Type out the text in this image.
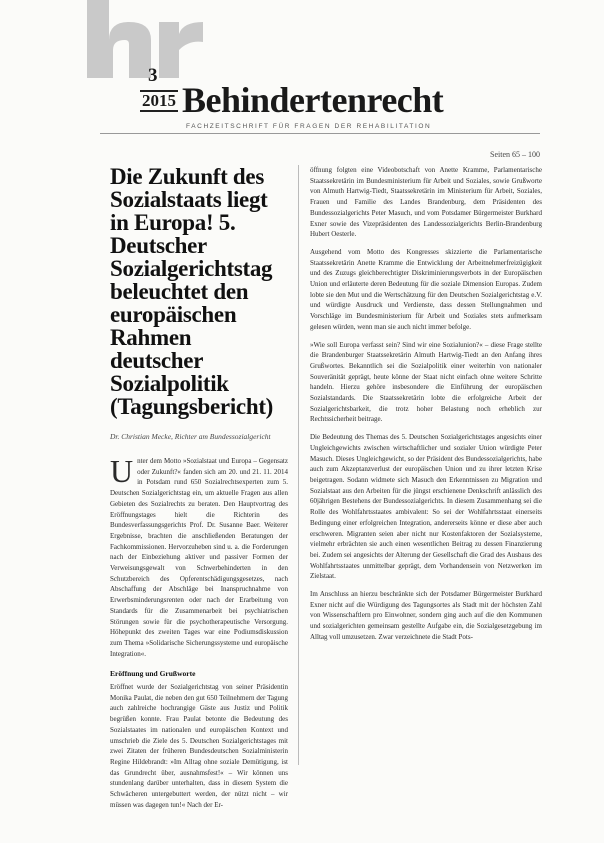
3
2015 Behindertenrecht
FACHZEITSCHRIFT FÜR FRAGEN DER REHABILITATION
Seiten 65 – 100
Die Zukunft des Sozialstaats liegt in Europa! 5. Deutscher Sozialgerichtstag beleuchtet den europäischen Rahmen deutscher Sozialpolitik (Tagungsbericht)
Dr. Christian Mecke, Richter am Bundessozialgericht

Unter dem Motto »Sozialstaat und Europa – Gegensatz oder Zukunft?« fanden sich am 20. und 21. 11. 2014 in Potsdam rund 650 Sozialrechtsexperten zum 5. Deutschen Sozialgerichtstag ein, um aktuelle Fragen aus allen Gebieten des Sozialrechts zu beraten. Den Hauptvortrag des Eröffnungstages hielt die Richterin des Bundesverfassungsgerichts Prof. Dr. Susanne Baer. Weiterer Ergebnisse, brachten die anschließenden Beratungen der Fachkommissionen. Hervorzuheben sind u. a. die Forderungen nach der Einbeziehung aktiver und passiver Formen der Verweisungsgewalt von Schwerbehinderten in den Schutzbereich des Opferentschädigungsgesetzes, nach Abschaffung der Abschläge bei Inanspruchnahme von Erwerbsminderungsrenten oder nach der Erarbeitung von Standards für die Zusammenarbeit bei psychiatrischen Störungen sowie für die psychotherapeutische Versorgung. Höhepunkt des zweiten Tages war eine Podiumsdiskussion zum Thema »Solidarische Sicherungssysteme und europäische Integration«.

Eröffnung und Grußworte

Eröffnet wurde der Sozialgerichtstag von seiner Präsidentin Monika Paulat, die neben den gut 650 Teilnehmern der Tagung auch zahlreiche hochrangige Gäste aus Justiz und Politik begrüßen konnte. Frau Paulat betonte die Bedeutung des Sozialstaates im nationalen und europäischen Kontext und umschrieb die Ziele des 5. Deutschen Sozialgerichtstages mit zwei Zitaten der früheren Bundesdeutschen Sozialministerin Regine Hildebrandt: »Im Alltag ohne soziale Demütigung, ist das Grundrecht über, ausnahmsfest!« – Wir können uns stundenlang darüber unterhalten, dass in diesem System die Schwächeren untergebuttert werden, der nützt nicht – wir müssen was dagegen tun!« Nach der Er-

öffnung folgten eine Videobotschaft von Anette Kramme, Parlamentarische Staatssekretärin im Bundesministerium für Arbeit und Soziales, sowie Grußworte von Almuth Hartwig-Tiedt, Staatssekretärin im Ministerium für Arbeit, Soziales, Frauen und Familie des Landes Brandenburg, dem Präsidenten des Bundessozialgerichts Peter Masuch, und vom Potsdamer Bürgermeister Burkhard Exner sowie des Vizepräsidenten des Landessozialgerichts Berlin-Brandenburg Hubert Oesterle.

Ausgehend vom Motto des Kongresses skizzierte die Parlamentarische Staatssekretärin Anette Kramme die Entwicklung der Arbeitnehmerfreizügigkeit und des Zuzugs gleichberechtigter Diskriminierungsverbots in der Europäischen Union und erläuterte deren Bedeutung für die soziale Dimension Europas. Zudem lobte sie den Mut und die Wertschätzung für den Deutschen Sozialgerichtstag e.V. und würdigte Ausdruck und Verdienste, dass dessen Stellungnahmen und Vorschläge im Bundesministerium für Arbeit und Soziales stets aufmerksam gelesen würden, wenn man sie auch nicht immer befolge.

»Wie soll Europa verfasst sein? Sind wir eine Sozialunion?« – diese Frage stellte die Brandenburger Staatssekretärin Almuth Hartwig-Tiedt an den Anfang ihres Grußwortes. Bekanntlich sei die Sozialpolitik einer weiterhin von nationaler Souveränität geprägt, heute könne der Staat nicht einfach ohne weitere Schritte handeln. Hierzu gehöre insbesondere die Einführung der europäischen Sozialstandards. Die Staatssekretärin lobte die erfolgreiche Arbeit der Sozialgerichtsbarkeit, die trotz hoher Belastung noch erheblich zur Rechtssicherheit beitrage.

Die Bedeutung des Themas des 5. Deutschen Sozialgerichtstages angesichts einer Ungleichgewichts zwischen wirtschaftlicher und sozialer Union würdigte Peter Masuch. Dieses Ungleichgewicht, so der Präsident des Bundessozialgerichts, habe auch zum Akzeptanzverlust der europäischen Union und zu ihrer letzten Krise beigetragen. Sodann widmete sich Masuch den Erkenntnissen zu Migration und Sozialstaat aus den Arbeiten für die jüngst erschienene Denkschrift anlässlich des 60jährigen Bestehens der Bundessozialgerichts. In diesem Zusammenhang sei die Rolle des Wohlfahrtsstaates ambivalent: So sei der Wohlfahrtsstaat einerseits Bedingung einer erfolgreichen Integration, andererseits könne er diese aber auch erschweren. Migranten seien aber nicht nur Kostenfaktoren der Sozialsysteme, vielmehr erbrächten sie auch einen wesentlichen Beitrag zu dessen Finanzierung bei. Zudem sei angesichts der Alterung der Gesellschaft die Grad des Ausbaus des Wohlfahrtsstaates unmittelbar geprägt, dem Vorhandensein von Netzwerken im Zielstaat.

Im Anschluss an hierzu beschränkte sich der Potsdamer Bürgermeister Burkhard Exner nicht auf die Würdigung des Tagungsortes als Stadt mit der höchsten Zahl von Wissenschaftlern pro Einwohner, sondern ging auch auf die den Kommunen und sozialgerichten gemeinsam gestellte Aufgabe ein, die Sozialgesetzgebung im Alltag voll umzusetzen. Zwar verzeichnete die Stadt Pots-
